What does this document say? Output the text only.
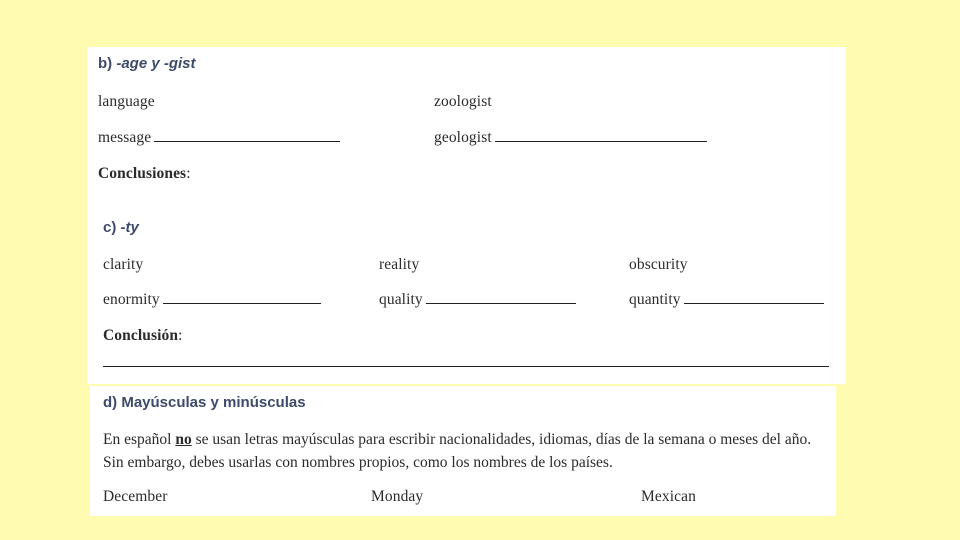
b) -age y -gist
language	zoologist
message	geologist
Conclusiones:
c) -ty
clarity	reality	obscurity
enormity	quality	quantity
Conclusión:
d) Mayúsculas y minúsculas
En español no se usan letras mayúsculas para escribir nacionalidades, idiomas, días de la semana o meses del año. Sin embargo, debes usarlas con nombres propios, como los nombres de los países.
December	Monday	Mexican
